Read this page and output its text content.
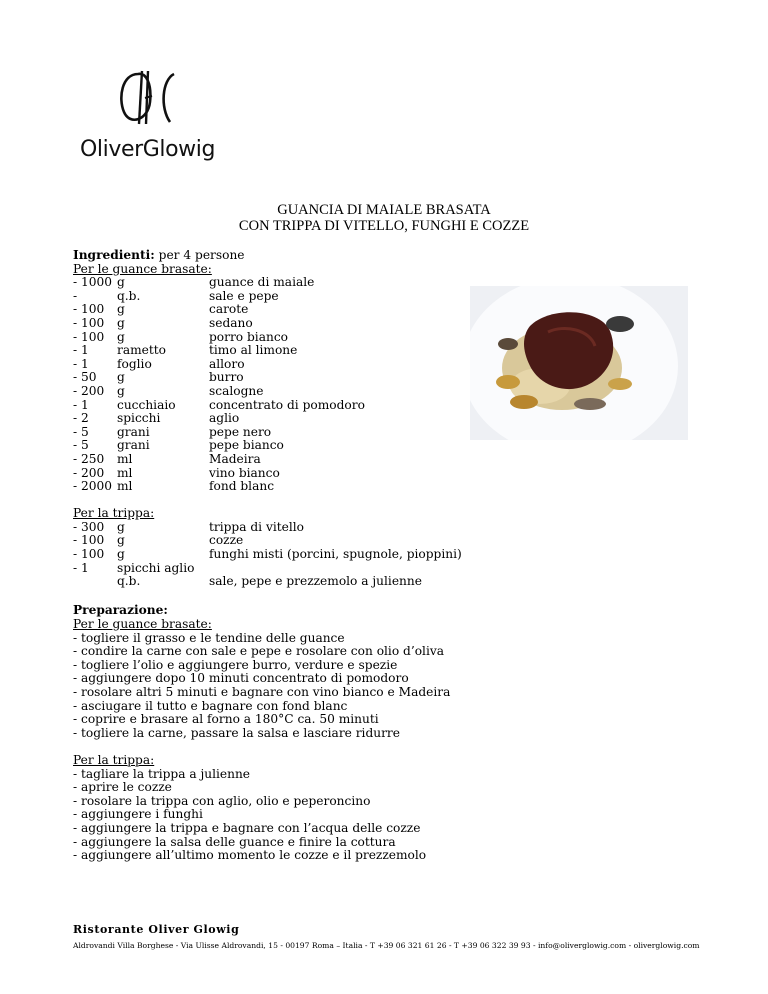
OliverGlowig
GUANCIA DI MAIALE BRASATA
CON TRIPPA DI VITELLO, FUNGHI E COZZE
Ingredienti: per 4 persone
Per le guance brasate:
- 1000 g	guance di maiale
-	q.b.	sale e pepe
- 100 g	carote
- 100 g	sedano
- 100 g	porro bianco
- 1 rametto	timo al limone
- 1 foglio	alloro
- 50 g	burro
- 200 g	scalogne
- 1 cucchiaio	concentrato di pomodoro
- 2 spicchi	aglio
- 5 grani	pepe nero
- 5 grani	pepe bianco
- 250 ml	Madeira
- 200 ml	vino bianco
- 2000 ml	fond blanc
Per la trippa:
- 300 g	trippa di vitello
- 100 g	cozze
- 100 g	funghi misti (porcini, spugnole, pioppini)
- 1 spicchi aglio
q.b.	sale, pepe e prezzemolo a julienne
Preparazione:
Per le guance brasate:
- togliere il grasso e le tendine delle guance
- condire la carne con sale e pepe e rosolare con olio d’oliva
- togliere l’olio e aggiungere burro, verdure e spezie
- aggiungere dopo 10 minuti concentrato di pomodoro
- rosolare altri 5 minuti e bagnare con vino bianco e Madeira
- asciugare il tutto e bagnare con fond blanc
- coprire e brasare al forno a 180°C ca. 50 minuti
- togliere la carne, passare la salsa e lasciare ridurre
Per la trippa:
- tagliare la trippa a julienne
- aprire le cozze
- rosolare la trippa con aglio, olio e peperoncino
- aggiungere i funghi
- aggiungere la trippa e bagnare con l’acqua delle cozze
- aggiungere la salsa delle guance e finire la cottura
- aggiungere all’ultimo momento le cozze e il prezzemolo
Ristorante Oliver Glowig
Aldrovandi Villa Borghese - Via Ulisse Aldrovandi, 15 - 00197 Roma – Italia - T +39 06 321 61 26 - T +39 06 322 39 93 - info@oliverglowig.com - oliverglowig.com
